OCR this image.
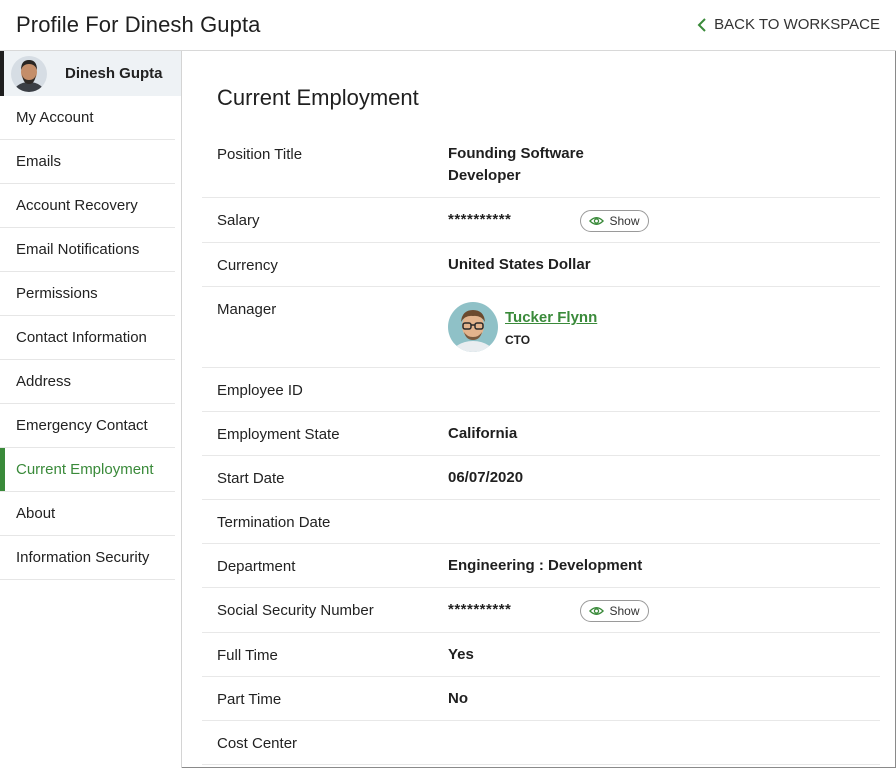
Profile For Dinesh Gupta	BACK TO WORKSPACE
Dinesh Gupta
My Account
Emails
Account Recovery
Email Notifications
Permissions
Contact Information
Address
Emergency Contact
Current Employment
About
Information Security
Current Employment
Position Title	Founding Software
Developer
Salary	**********	Show
Currency	United States Dollar
Manager	Tucker Flynn
CTO
Employee ID
Employment State	California
Start Date	06/07/2020
Termination Date
Department	Engineering : Development
Social Security Number	**********	Show
Full Time	Yes
Part Time	No
Cost Center
